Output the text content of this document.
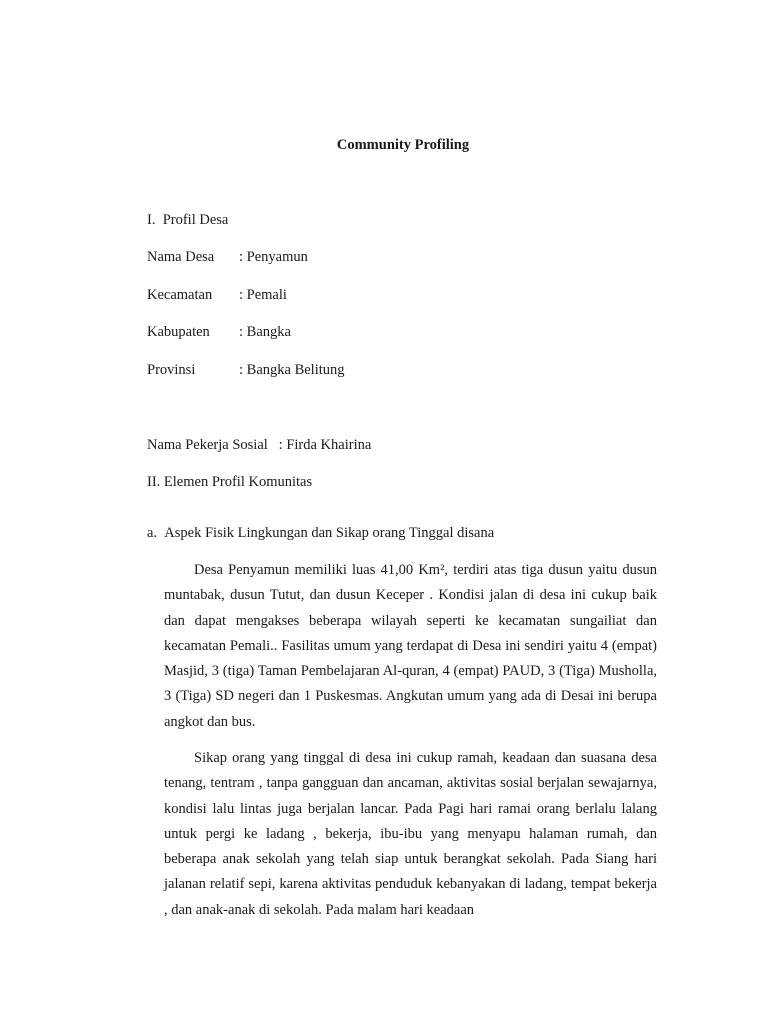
Community Profiling
I.  Profil Desa
Nama Desa : Penyamun
Kecamatan : Pemali
Kabupaten : Bangka
Provinsi	: Bangka Belitung
Nama Pekerja Sosial   : Firda Khairina
II. Elemen Profil Komunitas
a.  Aspek Fisik Lingkungan dan Sikap orang Tinggal disana

Desa Penyamun memiliki luas 41,00 Km², terdiri atas tiga dusun yaitu dusun muntabak, dusun Tutut, dan dusun Keceper . Kondisi jalan di desa ini cukup baik dan dapat mengakses beberapa wilayah seperti ke kecamatan sungailiat dan kecamatan Pemali.. Fasilitas umum yang terdapat di Desa ini sendiri yaitu 4 (empat) Masjid, 3 (tiga) Taman Pembelajaran Al-quran, 4 (empat) PAUD, 3 (Tiga) Musholla, 3 (Tiga) SD negeri dan 1 Puskesmas. Angkutan umum yang ada di Desai ini berupa angkot dan bus.

Sikap orang yang tinggal di desa ini cukup ramah, keadaan dan suasana desa tenang, tentram , tanpa gangguan dan ancaman, aktivitas sosial berjalan sewajarnya, kondisi lalu lintas juga berjalan lancar. Pada Pagi hari ramai orang berlalu lalang untuk pergi ke ladang , bekerja, ibu-ibu yang menyapu halaman rumah, dan beberapa anak sekolah yang telah siap untuk berangkat sekolah. Pada Siang hari jalanan relatif sepi, karena aktivitas penduduk kebanyakan di ladang, tempat bekerja , dan anak-anak di sekolah. Pada malam hari keadaan
